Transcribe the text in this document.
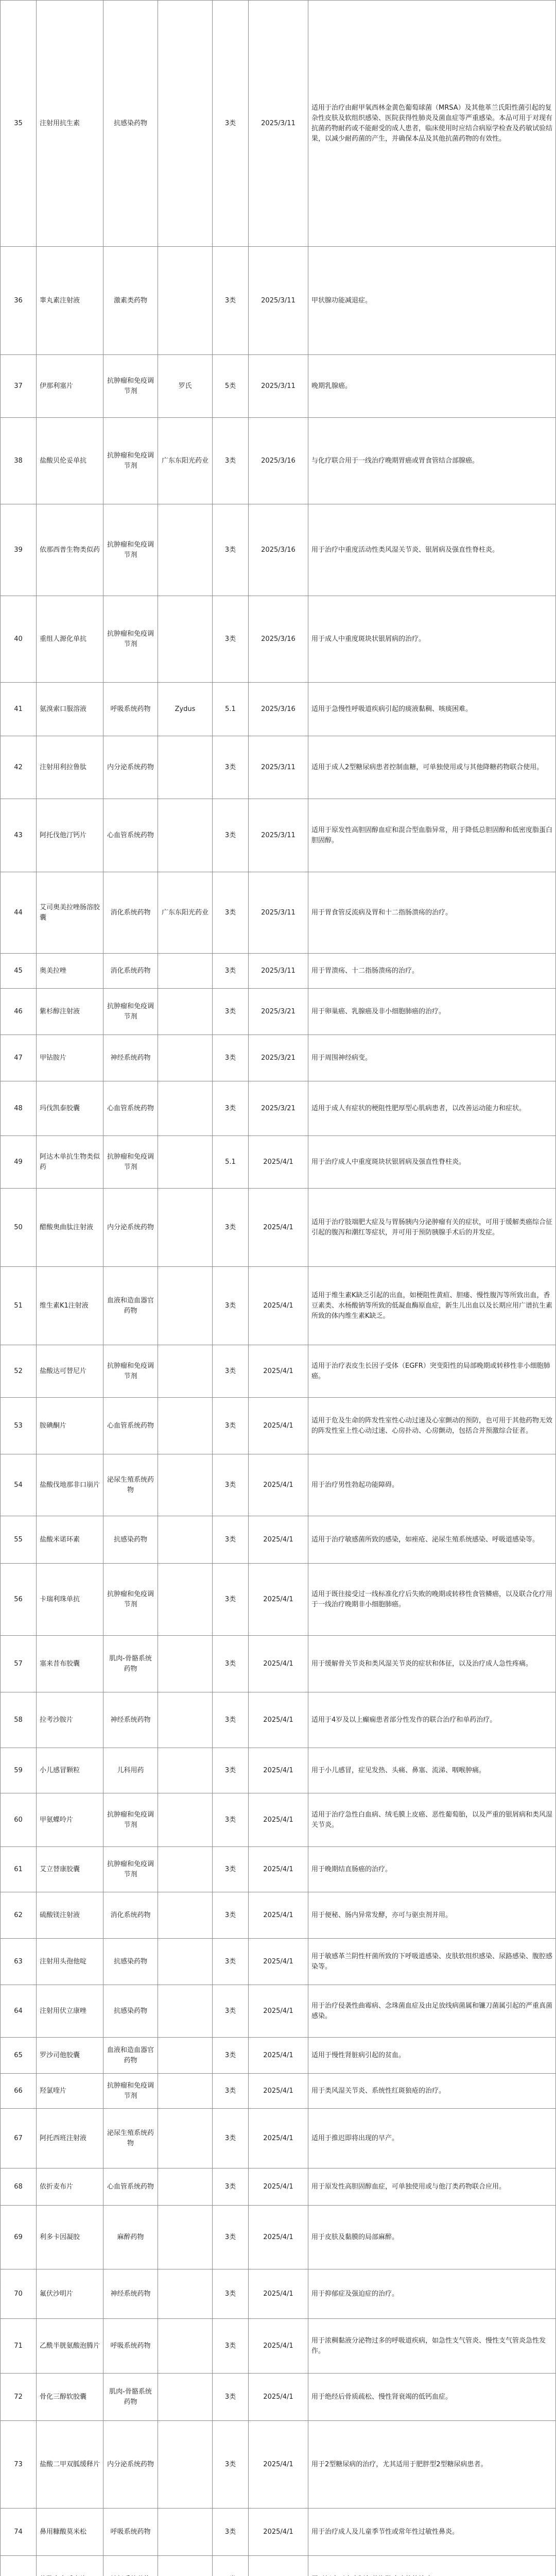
35	注射用抗生素	抗感染药物		3类	2025/3/11	适用于治疗由耐甲氧西林金黄色葡萄球菌（MRSA）及其他革兰氏阳性菌引起的复杂性皮肤及软组织感染、医院获得性肺炎及菌血症等严重感染。本品可用于对现有抗菌药物耐药或不能耐受的成人患者，临床使用时应结合病原学检查及药敏试验结果，以减少耐药菌的产生，并确保本品及其他抗菌药物的有效性。
36	睾丸素注射液	激素类药物		3类	2025/3/11	甲状腺功能减退症。
37	伊那利塞片	抗肿瘤和免疫调节剂	罗氏	5类	2025/3/11	晚期乳腺癌。
38	盐酸贝伦妥单抗	抗肿瘤和免疫调节剂	广东东阳光药业	3类	2025/3/16	与化疗联合用于一线治疗晚期胃癌或胃食管结合部腺癌。
39	依那西普生物类似药	抗肿瘤和免疫调节剂		3类	2025/3/16	用于治疗中重度活动性类风湿关节炎、银屑病及强直性脊柱炎。
40	重组人源化单抗	抗肿瘤和免疫调节剂		3类	2025/3/16	用于成人中重度斑块状银屑病的治疗。
41	氨溴索口服溶液	呼吸系统药物	Zydus	5.1	2025/3/16	适用于急慢性呼吸道疾病引起的痰液黏稠、咳痰困难。
42	注射用利拉鲁肽	内分泌系统药物		3类	2025/3/11	适用于成人2型糖尿病患者控制血糖，可单独使用或与其他降糖药物联合使用。
43	阿托伐他汀钙片	心血管系统药物		3类	2025/3/11	适用于原发性高胆固醇血症和混合型血脂异常，用于降低总胆固醇和低密度脂蛋白胆固醇。
44	艾司奥美拉唑肠溶胶囊	消化系统药物	广东东阳光药业	3类	2025/3/11	用于胃食管反流病及胃和十二指肠溃疡的治疗。
45	奥美拉唑	消化系统药物		3类	2025/3/11	用于胃溃疡、十二指肠溃疡的治疗。
46	紫杉醇注射液	抗肿瘤和免疫调节剂		3类	2025/3/21	用于卵巢癌、乳腺癌及非小细胞肺癌的治疗。
47	甲钴胺片	神经系统药物		3类	2025/3/21	用于周围神经病变。
48	玛伐凯泰胶囊	心血管系统药物		3类	2025/3/21	适用于成人有症状的梗阻性肥厚型心肌病患者，以改善运动能力和症状。
49	阿达木单抗生物类似药	抗肿瘤和免疫调节剂		5.1	2025/4/1	用于治疗成人中重度斑块状银屑病及强直性脊柱炎。
50	醋酸奥曲肽注射液	内分泌系统药物		3类	2025/4/1	适用于治疗肢端肥大症及与胃肠胰内分泌肿瘤有关的症状，可用于缓解类癌综合征引起的腹泻和潮红等症状，并可用于预防胰腺手术后的并发症。
51	维生素K1注射液	血液和造血器官药物		3类	2025/4/1	适用于维生素K缺乏引起的出血，如梗阻性黄疸、胆瘘、慢性腹泻等所致出血，香豆素类、水杨酸钠等所致的低凝血酶原血症，新生儿出血以及长期应用广谱抗生素所致的体内维生素K缺乏。
52	盐酸达可替尼片	抗肿瘤和免疫调节剂		3类	2025/4/1	适用于治疗表皮生长因子受体（EGFR）突变阳性的局部晚期或转移性非小细胞肺癌。
53	胺碘酮片	心血管系统药物		3类	2025/4/1	适用于危及生命的阵发性室性心动过速及心室颤动的预防，也可用于其他药物无效的阵发性室上性心动过速、心房扑动、心房颤动，包括合并预激综合征者。
54	盐酸伐地那非口崩片	泌尿生殖系统药物		3类	2025/4/1	用于治疗男性勃起功能障碍。
55	盐酸米诺环素	抗感染药物		3类	2025/4/1	适用于治疗敏感菌所致的感染，如痤疮、泌尿生殖系统感染、呼吸道感染等。
56	卡瑞利珠单抗	抗肿瘤和免疫调节剂		3类	2025/4/1	适用于既往接受过一线标准化疗后失败的晚期或转移性食管鳞癌，以及联合化疗用于一线治疗晚期非小细胞肺癌。
57	塞来昔布胶囊	肌肉-骨骼系统药物		3类	2025/4/1	用于缓解骨关节炎和类风湿关节炎的症状和体征，以及治疗成人急性疼痛。
58	拉考沙胺片	神经系统药物		3类	2025/4/1	适用于4岁及以上癫痫患者部分性发作的联合治疗和单药治疗。
59	小儿感冒颗粒	儿科用药		3类	2025/4/1	用于小儿感冒，症见发热、头痛、鼻塞、流涕、咽喉肿痛。
60	甲氨蝶呤片	抗肿瘤和免疫调节剂		3类	2025/4/1	适用于治疗急性白血病、绒毛膜上皮癌、恶性葡萄胎，以及严重的银屑病和类风湿关节炎。
61	艾立替康胶囊	抗肿瘤和免疫调节剂		3类	2025/4/1	用于晚期结直肠癌的治疗。
62	硫酸镁注射液	消化系统药物		3类	2025/4/1	用于便秘、肠内异常发酵，亦可与驱虫剂并用。
63	注射用头孢他啶	抗感染药物		3类	2025/4/1	用于敏感革兰阴性杆菌所致的下呼吸道感染、皮肤软组织感染、尿路感染、腹腔感染等。
64	注射用伏立康唑	抗感染药物		3类	2025/4/1	用于治疗侵袭性曲霉病、念珠菌血症及由足放线病菌属和镰刀菌属引起的严重真菌感染。
65	罗沙司他胶囊	血液和造血器官药物		3类	2025/4/1	适用于慢性肾脏病引起的贫血。
66	羟氯喹片	抗肿瘤和免疫调节剂		3类	2025/4/1	用于类风湿关节炎、系统性红斑狼疮的治疗。
67	阿托西班注射液	泌尿生殖系统药物		3类	2025/4/1	适用于推迟即将出现的早产。
68	依折麦布片	心血管系统药物		3类	2025/4/1	用于原发性高胆固醇血症，可单独使用或与他汀类药物联合应用。
69	利多卡因凝胶	麻醉药物		3类	2025/4/1	用于皮肤及黏膜的局部麻醉。
70	氟伏沙明片	神经系统药物		3类	2025/4/1	用于抑郁症及强迫症的治疗。
71	乙酰半胱氨酸泡腾片	呼吸系统药物		3类	2025/4/1	用于浓稠黏液分泌物过多的呼吸道疾病，如急性支气管炎、慢性支气管炎急性发作。
72	骨化三醇软胶囊	肌肉-骨骼系统药物		3类	2025/4/1	用于绝经后骨质疏松、慢性肾衰竭的低钙血症。
73	盐酸二甲双胍缓释片	内分泌系统药物		3类	2025/4/1	用于2型糖尿病的治疗，尤其适用于肥胖型2型糖尿病患者。
74	鼻用糠酸莫米松	呼吸系统药物		3类	2025/4/1	用于治疗成人及儿童季节性或常年性过敏性鼻炎。
